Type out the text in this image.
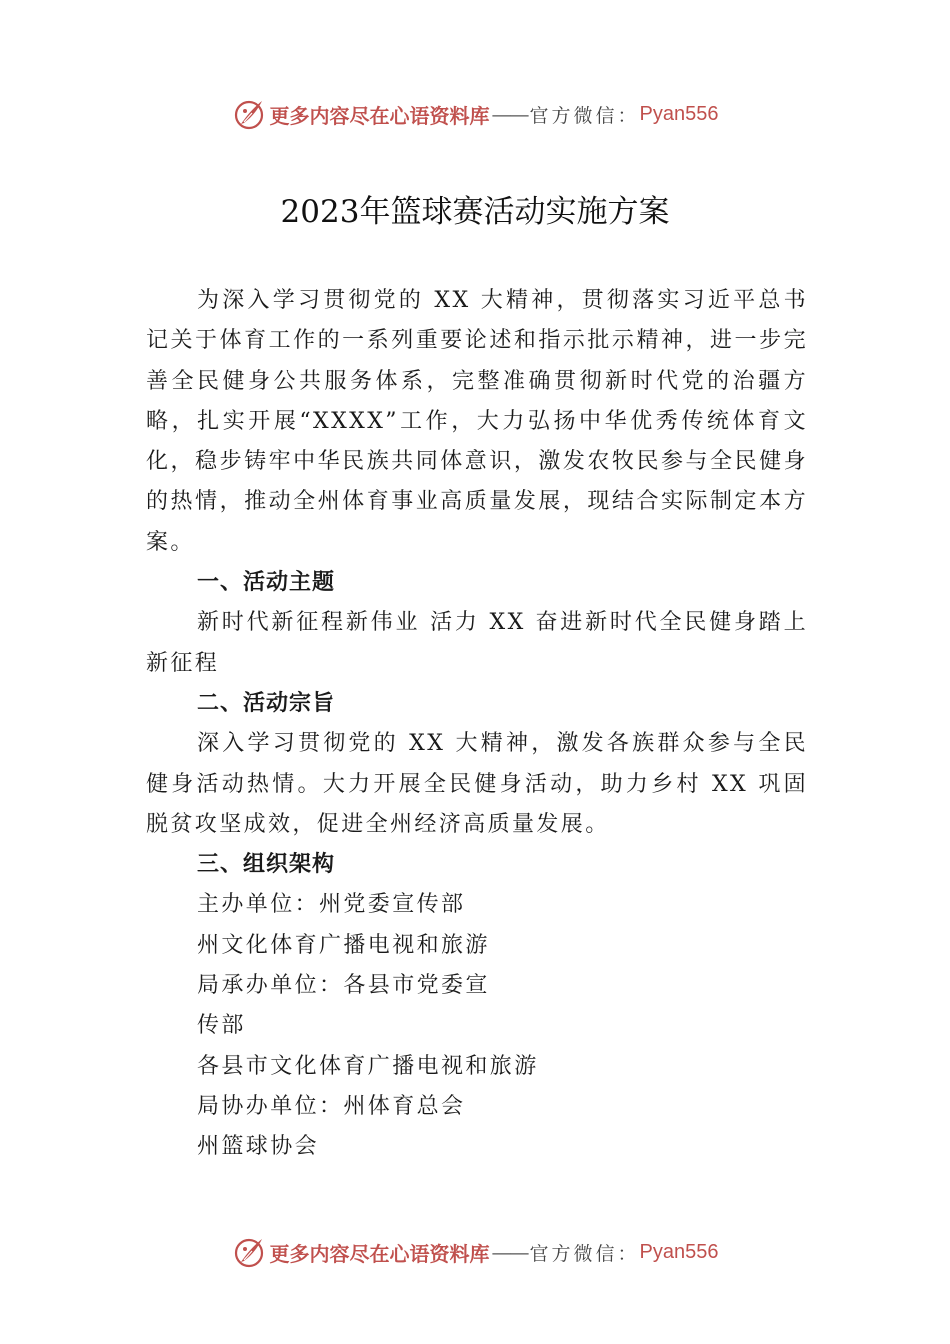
更多内容尽在心语资料库 —— 官方微信： Pyan556
2023年篮球赛活动实施方案

为深入学习贯彻党的 XX 大精神，贯彻落实习近平总书记关于体育工作的一系列重要论述和指示批示精神，进一步完善全民健身公共服务体系，完整准确贯彻新时代党的治疆方略，扎实开展“XXXX”工作，大力弘扬中华优秀传统体育文化，稳步铸牢中华民族共同体意识，激发农牧民参与全民健身的热情，推动全州体育事业高质量发展，现结合实际制定本方案。

一、活动主题

新时代新征程新伟业 活力 XX 奋进新时代全民健身踏上新征程

二、活动宗旨

深入学习贯彻党的 XX 大精神，激发各族群众参与全民健身活动热情。大力开展全民健身活动，助力乡村 XX 巩固脱贫攻坚成效，促进全州经济高质量发展。

三、组织架构

主办单位：州党委宣传部

州文化体育广播电视和旅游

局承办单位：各县市党委宣

传部

各县市文化体育广播电视和旅游

局协办单位：州体育总会

州篮球协会

更多内容尽在心语资料库 —— 官方微信： Pyan556
